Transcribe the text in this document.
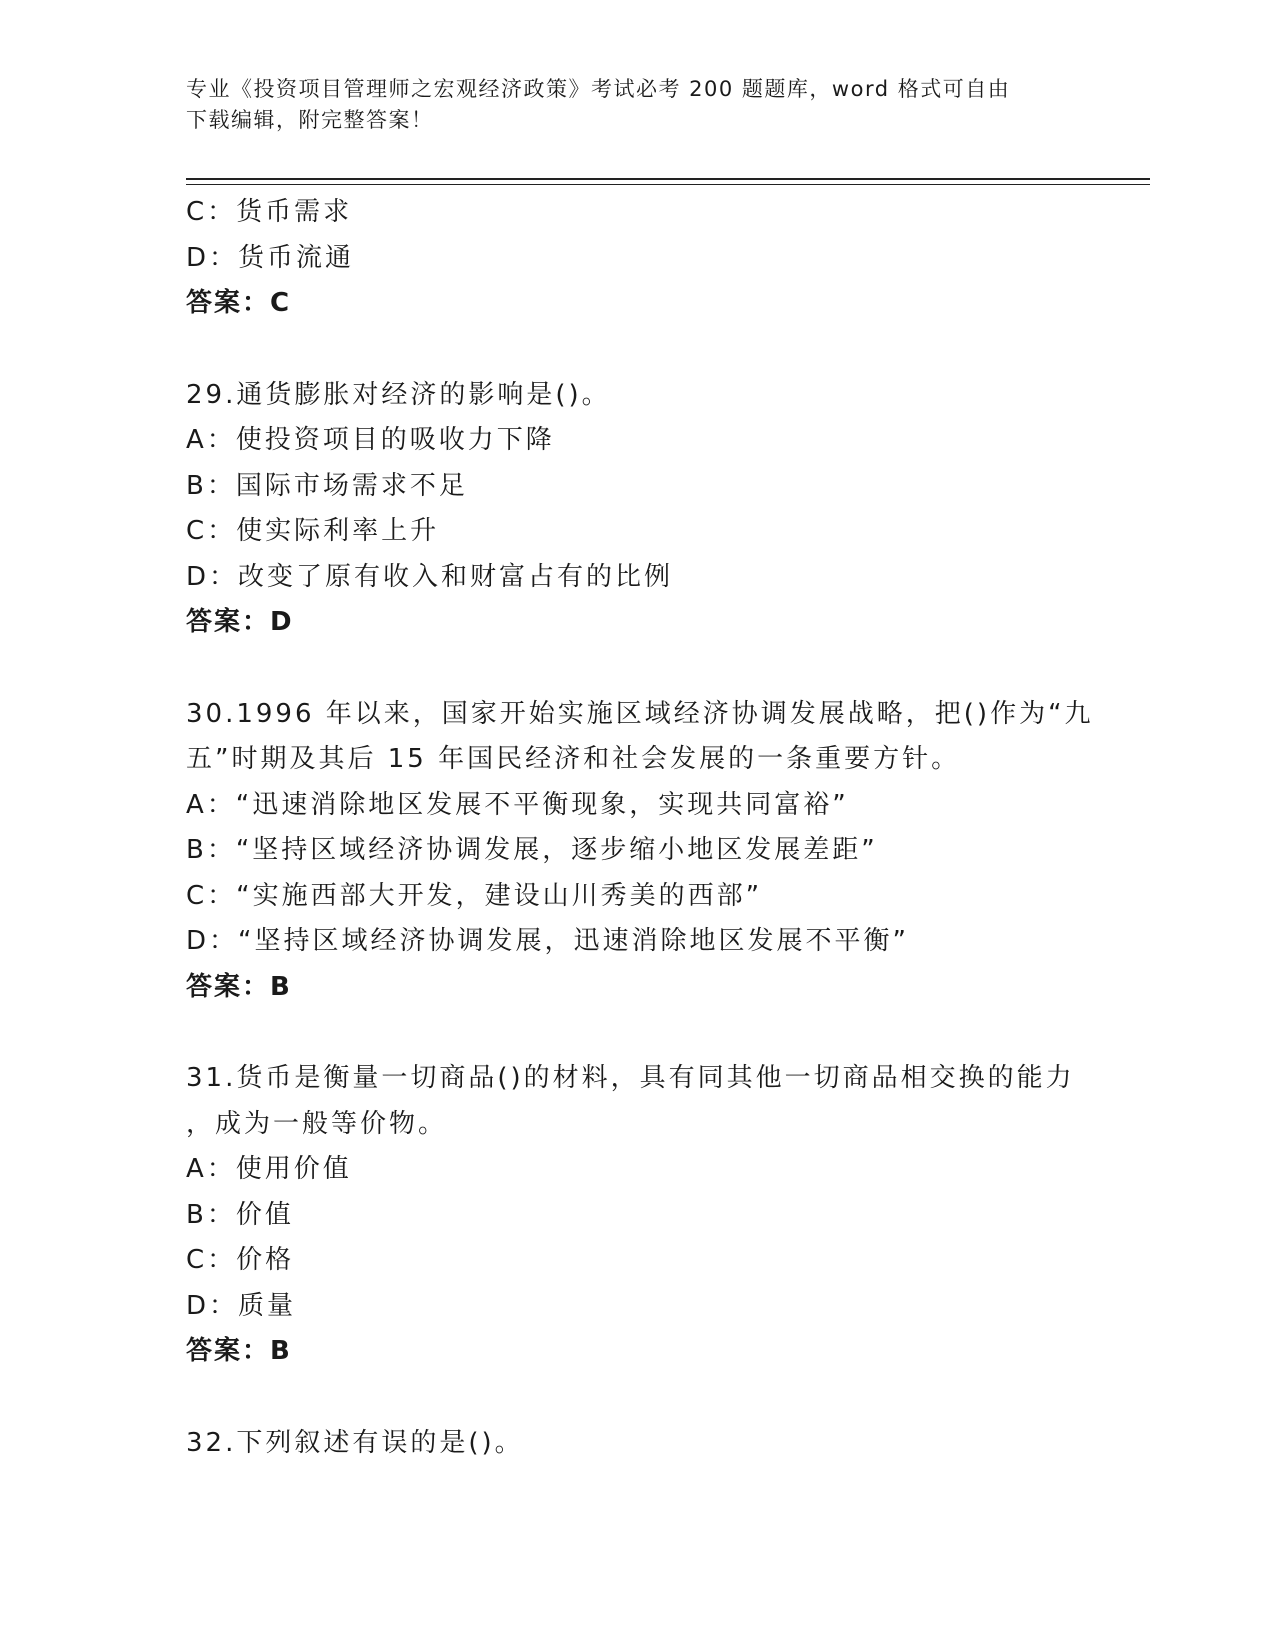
专业《投资项目管理师之宏观经济政策》考试必考 200 题题库，word 格式可自由
下载编辑，附完整答案！
C：货币需求
D：货币流通
答案：C
29.通货膨胀对经济的影响是()。
A：使投资项目的吸收力下降
B：国际市场需求不足
C：使实际利率上升
D：改变了原有收入和财富占有的比例
答案：D
30.1996 年以来，国家开始实施区域经济协调发展战略，把()作为“九
五”时期及其后 15 年国民经济和社会发展的一条重要方针。
A：“迅速消除地区发展不平衡现象，实现共同富裕”
B：“坚持区域经济协调发展，逐步缩小地区发展差距”
C：“实施西部大开发，建设山川秀美的西部”
D：“坚持区域经济协调发展，迅速消除地区发展不平衡”
答案：B
31.货币是衡量一切商品()的材料，具有同其他一切商品相交换的能力
，成为一般等价物。
A：使用价值
B：价值
C：价格
D：质量
答案：B
32.下列叙述有误的是()。
